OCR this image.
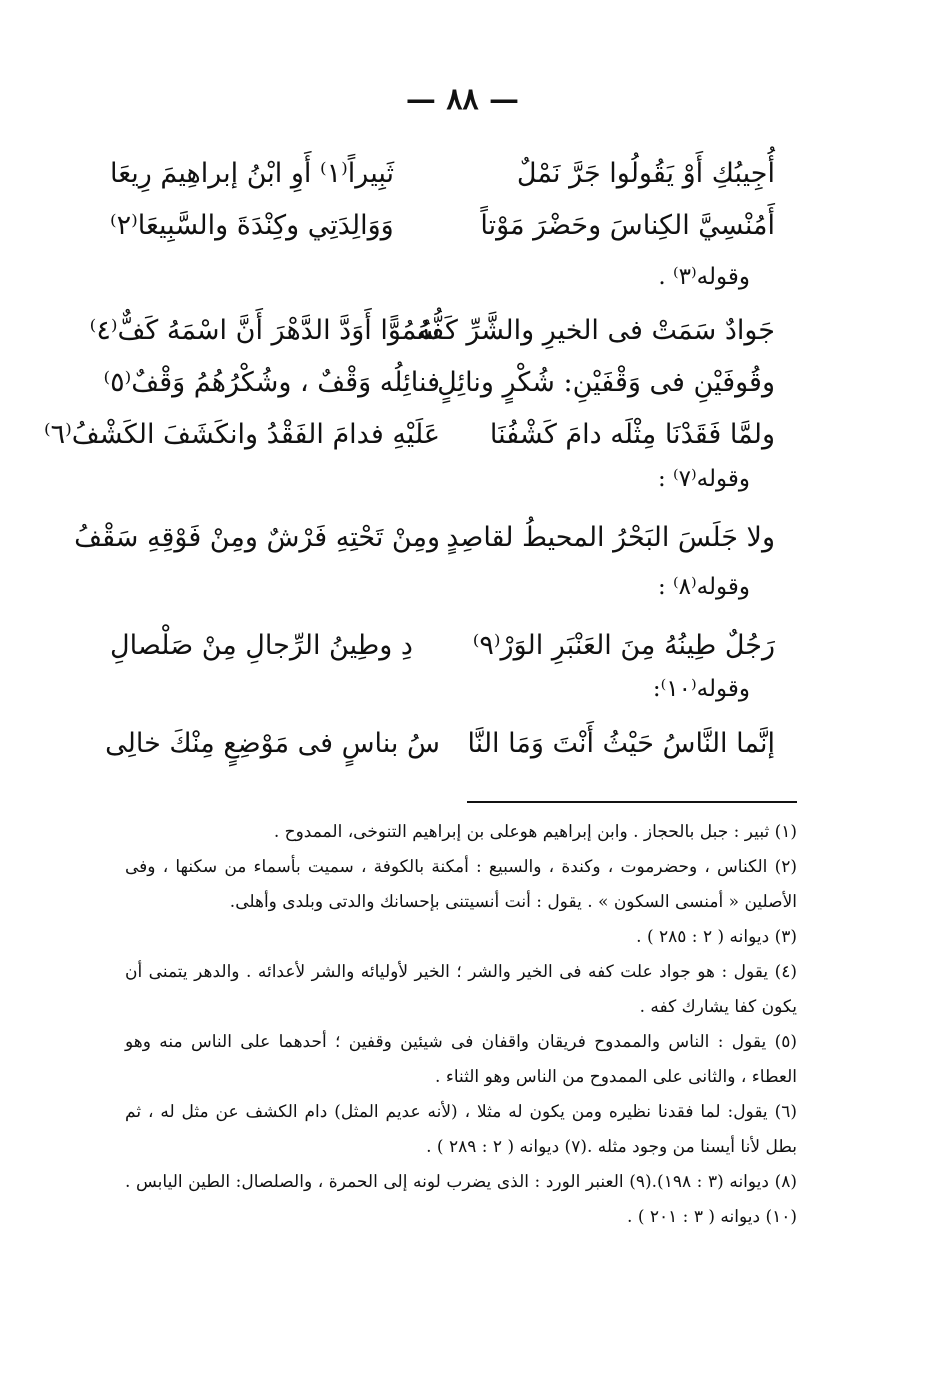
— ٨٨ —
أُجِيبُكِ أَوْ يَقُولُوا جَرَّ نَمْلٌ
ثَبِيراً⁽١⁾ أَوِ ابْنُ إبراهِيمَ رِيعَا
أَمُنْسِيَّ الكِناسَ وحَضْرَ مَوْتاً
وَوَالِدَتِي وكِنْدَةَ والسَّبِيعَا⁽٢⁾
وقوله⁽٣⁾ .
جَوادٌ سَمَتْ فى الخيرِ والشَّرِّ كَفُّهُ
سُمُوًّا أَوَدَّ الدَّهْرَ أَنَّ اسْمَهُ كَفٌّ⁽٤⁾
وقُوفَيْنِ فى وَقْفَيْنِ: شُكْرٍ ونائِلٍ
فنائِلُه وَقْفٌ ، وشُكْرُهُمُ وَقْفٌ⁽٥⁾
ولمَّا فَقَدْنَا مِثْلَه دامَ كَشْفُنَا
عَلَيْهِ فدامَ الفَقْدُ وانكَشَفَ الكَشْفُ⁽٦⁾
وقوله⁽٧⁾ :
ولا جَلَسَ البَحْرُ المحيطُ لقاصِدٍ
ومِنْ تَحْتِهِ فَرْشٌ ومِنْ فَوْقِهِ سَقْفُ
وقوله⁽٨⁾ :
رَجُلٌ طِينُهُ مِنَ العَنْبَرِ الوَرْ⁽٩⁾
دِ وطِينُ الرِّجالِ مِنْ صَلْصالِ
وقوله⁽١٠⁾:
إنَّما النَّاسُ حَيْثُ أَنْتَ وَمَا النَّا
سُ بناسٍ فى مَوْضِعٍ مِنْكَ خالِى

(١) ثبير : جبل بالحجاز . وابن إبراهيم هوعلى بن إبراهيم التنوخى، الممدوح .

(٢) الكناس ، وحضرموت ، وكندة ، والسبيع : أمكنة بالكوفة ، سميت بأسماء من سكنها ، وفى الأصلين « أمنسى السكون » . يقول : أنت أنسيتنى بإحسانك والدتى وبلدى وأهلى.

(٣) ديوانه ( ٢ : ٢٨٥ ) .

(٤) يقول : هو جواد علت كفه فى الخير والشر ؛ الخير لأوليائه والشر لأعدائه . والدهر يتمنى أن يكون كفا يشارك كفه .

(٥) يقول : الناس والممدوح فريقان واقفان فى شيئين وقفين ؛ أحدهما على الناس منه وهو العطاء ، والثانى على الممدوح من الناس وهو الثناء .

(٦) يقول: لما فقدنا نظيره ومن يكون له مثلا ، (لأنه عديم المثل) دام الكشف عن مثل له ، ثم بطل لأنا أيسنا من وجود مثله .(٧) ديوانه ( ٢ : ٢٨٩ ) .

(٨) ديوانه (٣ : ١٩٨).(٩) العنبر الورد : الذى يضرب لونه إلى الحمرة ، والصلصال: الطين اليابس .(١٠) ديوانه ( ٣ : ٢٠١ ) .
